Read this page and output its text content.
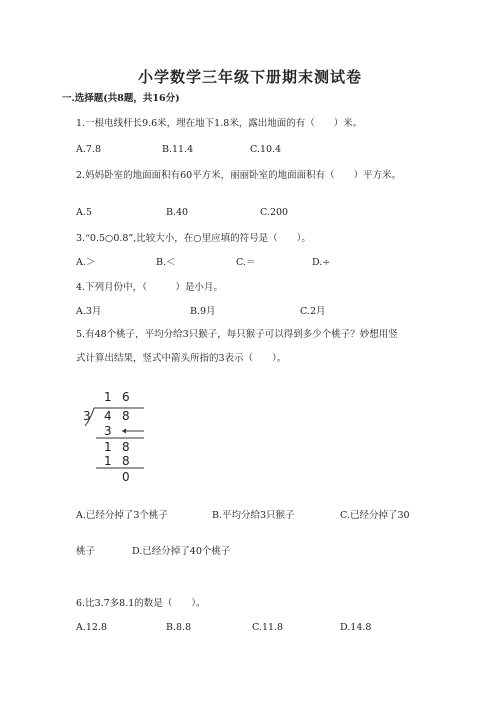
小学数学三年级下册期末测试卷
一.选择题(共8题，共16分)
1.一根电线杆长9.6米，埋在地下1.8米，露出地面的有（　　）米。
A.7.8	B.11.4	C.10.4
2.妈妈卧室的地面面积有60平方米，丽丽卧室的地面面积有（　　）平方米。
A.5	B.40	C.200
3.“0.5○0.8”,比较大小，在○里应填的符号是（　　）。
A.＞	B.＜	C.＝	D.÷
4.下列月份中，（　　　）是小月。
A.3月	B.9月	C.2月
5.有48个桃子，平均分给3只猴子，每只猴子可以得到多少个桃子？妙想用竖
式计算出结果，竖式中箭头所指的3表示（　　）。
1 6
3 4 8
3
1 8
1 8
0
A.已经分掉了3个桃子	B.平均分给3只猴子	C.已经分掉了30
桃子	D.已经分掉了40个桃子
6.比3.7多8.1的数是（　　）。
A.12.8	B.8.8	C.11.8	D.14.8
